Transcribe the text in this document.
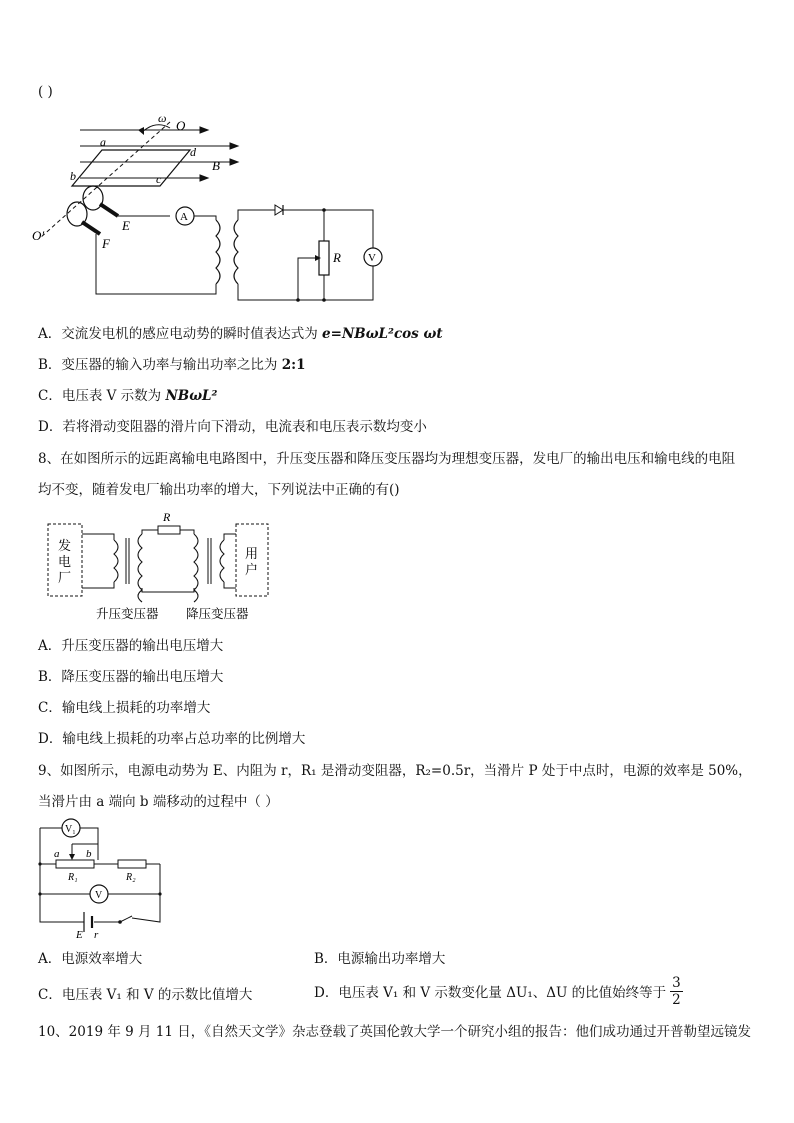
( )
ω O
O′
a
b	c
d
B
E
F
A
R V
A．交流发电机的感应电动势的瞬时值表达式为 e=NBωL²cos ωt
B．变压器的输入功率与输出功率之比为 2:1
C．电压表 V 示数为 NBωL²
D．若将滑动变阻器的滑片向下滑动，电流表和电压表示数均变小
8、在如图所示的远距离输电电路图中，升压变压器和降压变压器均为理想变压器，发电厂的输出电压和输电线的电阻
均不变，随着发电厂输出功率的增大，下列说法中正确的有()
R
发
电
厂
用
户
升压变压器 降压变压器
A．升压变压器的输出电压增大
B．降压变压器的输出电压增大
C．输电线上损耗的功率增大
D．输电线上损耗的功率占总功率的比例增大
9、如图所示，电源电动势为 E、内阻为 r，R₁ 是滑动变阻器，R₂=0.5r，当滑片 P 处于中点时，电源的效率是 50%，
当滑片由 a 端向 b 端移动的过程中（ ）
V₁
V
a b
R₁	R₂
E r
A．电源效率增大	B．电源输出功率增大
C．电压表 V₁ 和 V 的示数比值增大	D．电压表 V₁ 和 V 示数变化量 ΔU₁、ΔU 的比值始终等于 $\frac{3}{2}$
10、2019 年 9 月 11 日，《自然天文学》杂志登载了英国伦敦大学一个研究小组的报告：他们成功通过开普勒望远镜发
